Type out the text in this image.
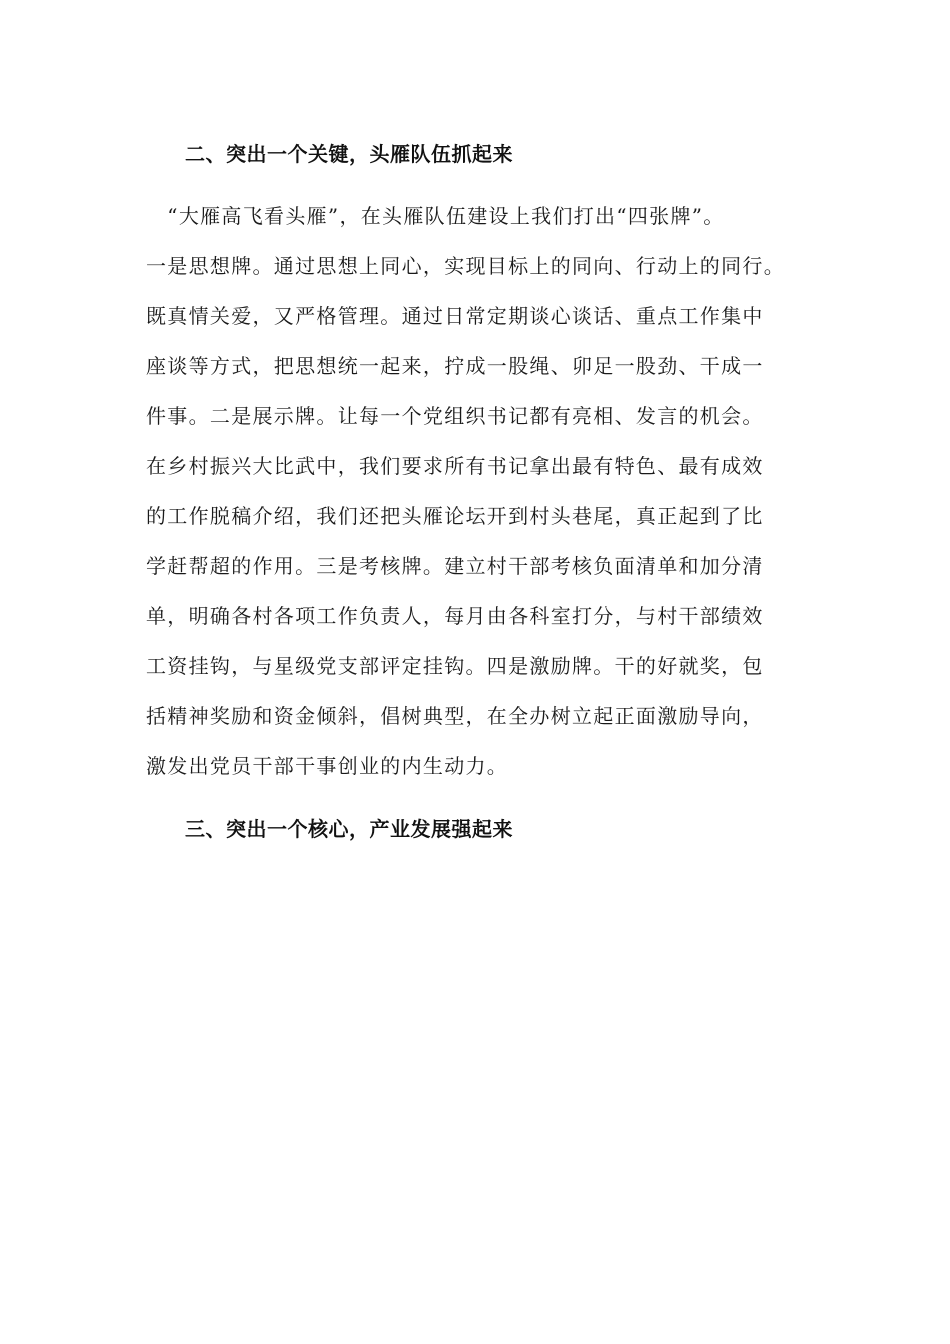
二、突出一个关键，头雁队伍抓起来
　“大雁高飞看头雁”，在头雁队伍建设上我们打出“四张牌”。
一是思想牌。通过思想上同心，实现目标上的同向、行动上的同行。
既真情关爱，又严格管理。通过日常定期谈心谈话、重点工作集中
座谈等方式，把思想统一起来，拧成一股绳、卯足一股劲、干成一
件事。二是展示牌。让每一个党组织书记都有亮相、发言的机会。
在乡村振兴大比武中，我们要求所有书记拿出最有特色、最有成效
的工作脱稿介绍，我们还把头雁论坛开到村头巷尾，真正起到了比
学赶帮超的作用。三是考核牌。建立村干部考核负面清单和加分清
单，明确各村各项工作负责人，每月由各科室打分，与村干部绩效
工资挂钩，与星级党支部评定挂钩。四是激励牌。干的好就奖，包
括精神奖励和资金倾斜，倡树典型，在全办树立起正面激励导向，
激发出党员干部干事创业的内生动力。
三、突出一个核心，产业发展强起来
